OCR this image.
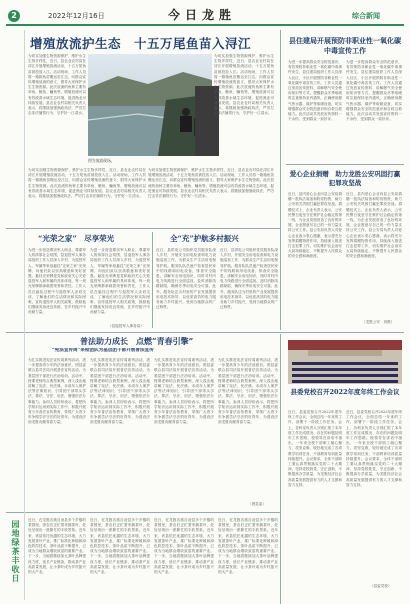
2	2022年12月16日	今日龙胜	综合新闻
增殖放流护生态　十五万尾鱼苗入浔江
为切实加强生物资源保护，维护水生生物多样性，近日，县农业农村局在浔江开展增殖放流活动，十五万尾鱼苗被投放入江。活动现场，工作人员将一箱箱鱼苗搬运至江边，向群众宣传增殖放流的意义，倡导大家保护水生生物资源。此次放流的鱼种主要有草鱼、鲢鱼、鳙鱼等，增殖放流可以有效改善水域生态环境，促进渔业可持续发展。县农业农村局相关负责人表示，将继续加强渔政执法，严厉打击非法捕捞行为，守护好一江清水。
图为放流现场。
为切实加强生物资源保护，维护水生生物多样性，近日，县农业农村局在浔江开展增殖放流活动，十五万尾鱼苗被投放入江。活动现场，工作人员将一箱箱鱼苗搬运至江边，向群众宣传增殖放流的意义，倡导大家保护水生生物资源。此次放流的鱼种主要有草鱼、鲢鱼、鳙鱼等，增殖放流可以有效改善水域生态环境，促进渔业可持续发展。县农业农村局相关负责人表示，将继续加强渔政执法，严厉打击非法捕捞行为，守护好一江清水。
为切实加强生物资源保护，维护水生生物多样性，近日，县农业农村局在浔江开展增殖放流活动，十五万尾鱼苗被投放入江。活动现场，工作人员将一箱箱鱼苗搬运至江边，向群众宣传增殖放流的意义，倡导大家保护水生生物资源。此次放流的鱼种主要有草鱼、鲢鱼、鳙鱼等，增殖放流可以有效改善水域生态环境，促进渔业可持续发展。县农业农村局相关负责人表示，将继续加强渔政执法，严厉打击非法捕捞行为，守护好一江清水。
为切实加强生物资源保护，维护水生生物多样性，近日，县农业农村局在浔江开展增殖放流活动，十五万尾鱼苗被投放入江。活动现场，工作人员将一箱箱鱼苗搬运至江边，向群众宣传增殖放流的意义，倡导大家保护水生生物资源。此次放流的鱼种主要有草鱼、鲢鱼、鳙鱼等，增殖放流可以有效改善水域生态环境，促进渔业可持续发展。县农业农村局相关负责人表示，将继续加强渔政执法，严厉打击非法捕捞行为，守护好一江清水。
县住建局开展预防非职业性一氧化碳中毒宣传工作
为进一步提高群众安全防范意识，有效预防非职业性一氧化碳中毒事件发生，县住建局组织工作人员深入社区、小区开展预防非职业性一氧化碳中毒宣传工作。工作人员通过发放宣传资料、讲解燃气安全使用知识等方式，提醒群众冬季取暖时注意保持室内通风，正确使用燃气热水器、煤炉等取暖设备，切实增强群众安全防范意识和自救互救能力。此次活动共发放宣传资料一千余份，受到群众一致好评。
为进一步提高群众安全防范意识，有效预防非职业性一氧化碳中毒事件发生，县住建局组织工作人员深入社区、小区开展预防非职业性一氧化碳中毒宣传工作。工作人员通过发放宣传资料、讲解燃气安全使用知识等方式，提醒群众冬季取暖时注意保持室内通风，正确使用燃气热水器、煤炉等取暖设备，切实增强群众安全防范意识和自救互救能力。此次活动共发放宣传资料一千余份，受到群众一致好评。
爱心企业捐赠　助力龙胜公安巩固打赢犯罪攻坚战
近日，县内爱心企业向县公安局捐赠一批执法装备和防疫物资，助力公安机关巩固打赢犯罪攻坚战。捐赠仪式上，企业负责人表示，公安民警日夜坚守在维护社会稳定的第一线，为企业发展营造了良好的环境，企业愿意尽自己的一份力量支持公安工作。县公安局负责人对爱心企业表示衷心感谢，表示将充分发挥捐赠物资作用，持续深入推进打击犯罪工作，切实维护社会治安大局持续稳定，不断提升人民群众的安全感和满意度。
近日，县内爱心企业向县公安局捐赠一批执法装备和防疫物资，助力公安机关巩固打赢犯罪攻坚战。捐赠仪式上，企业负责人表示，公安民警日夜坚守在维护社会稳定的第一线，为企业发展营造了良好的环境，企业愿意尽自己的一份力量支持公安工作。县公安局负责人对爱心企业表示衷心感谢，表示将充分发挥捐赠物资作用，持续深入推进打击犯罪工作，切实维护社会治安大局持续稳定，不断提升人民群众的安全感和满意度。
（龙胜公安　刘维）
“光荣之家”　尽享荣光
为进一步营造尊崇军人职业、尊重军人的浓厚社会氛围，县退役军人事务局组织工作人员深入乡村，为退役军人、军属等家庭悬挂“光荣之家”光荣牌，向他们致以崇高敬意和美好祝愿。悬挂光荣牌是党和政府关心关爱退役军人和军属的具体体现，每一块光荣牌都承载着荣誉和责任。工作人员在悬挂过程中与退役军人亲切交谈，了解他们的生活情况和实际困难，宣传退役军人相关政策，鼓励他们继续发扬优良传统，在乡村振兴中贡献力量。
为进一步营造尊崇军人职业、尊重军人的浓厚社会氛围，县退役军人事务局组织工作人员深入乡村，为退役军人、军属等家庭悬挂“光荣之家”光荣牌，向他们致以崇高敬意和美好祝愿。悬挂光荣牌是党和政府关心关爱退役军人和军属的具体体现，每一块光荣牌都承载着荣誉和责任。工作人员在悬挂过程中与退役军人亲切交谈，了解他们的生活情况和实际困难，宣传退役军人相关政策，鼓励他们继续发扬优良传统，在乡村振兴中贡献力量。
（县退役军人事务局）
全“充”护航多村振兴
近日，县供电公司组织党员服务队深入乡村，开展安全用电检查和电力设施巡视工作，为群众生产生活用电保驾护航。服务队队员逐户检查居民家中的线路和用电设备，排查安全隐患，讲解安全用电知识，同时对村内电力线路进行全面巡视，及时消除线路缺陷，确保冬季用电安全可靠。此外，服务队还为村里的产业发展提供用电技术指导，以优质高效的电力服务助力乡村振兴，受到当地群众的广泛称赞。
近日，县供电公司组织党员服务队深入乡村，开展安全用电检查和电力设施巡视工作，为群众生产生活用电保驾护航。服务队队员逐户检查居民家中的线路和用电设备，排查安全隐患，讲解安全用电知识，同时对村内电力线路进行全面巡视，及时消除线路缺陷，确保冬季用电安全可靠。此外，服务队还为村里的产业发展提供用电技术指导，以优质高效的电力服务助力乡村振兴，受到当地群众的广泛称赞。
普法助力成长　点燃“青春引擎”
“宪法宣传周”来检团队为基层团干部开展普法宣传
为扎实推进宪法宣传周系列活动，进一步提高青少年的法治意识，团县委联合县司法局开展普法宣传活动，为基层团干部进行法治培训。活动中，授课老师结合典型案例，深入浅出地讲解了宪法、民法典、未成年人保护法等法律知识，引导团干部带头学法、尊法、守法、用法，增强依法办事能力。参训人员纷纷表示，将把所学知识运用到实际工作中，积极开展青少年普法宣传教育，带领广大青少年争做学法守法的好青年，为建设法治龙胜贡献青春力量。
为扎实推进宪法宣传周系列活动，进一步提高青少年的法治意识，团县委联合县司法局开展普法宣传活动，为基层团干部进行法治培训。活动中，授课老师结合典型案例，深入浅出地讲解了宪法、民法典、未成年人保护法等法律知识，引导团干部带头学法、尊法、守法、用法，增强依法办事能力。参训人员纷纷表示，将把所学知识运用到实际工作中，积极开展青少年普法宣传教育，带领广大青少年争做学法守法的好青年，为建设法治龙胜贡献青春力量。
为扎实推进宪法宣传周系列活动，进一步提高青少年的法治意识，团县委联合县司法局开展普法宣传活动，为基层团干部进行法治培训。活动中，授课老师结合典型案例，深入浅出地讲解了宪法、民法典、未成年人保护法等法律知识，引导团干部带头学法、尊法、守法、用法，增强依法办事能力。参训人员纷纷表示，将把所学知识运用到实际工作中，积极开展青少年普法宣传教育，带领广大青少年争做学法守法的好青年，为建设法治龙胜贡献青春力量。
为扎实推进宪法宣传周系列活动，进一步提高青少年的法治意识，团县委联合县司法局开展普法宣传活动，为基层团干部进行法治培训。活动中，授课老师结合典型案例，深入浅出地讲解了宪法、民法典、未成年人保护法等法律知识，引导团干部带头学法、尊法、守法、用法，增强依法办事能力。参训人员纷纷表示，将把所学知识运用到实际工作中，积极开展青少年普法宣传教育，带领广大青少年争做学法守法的好青年，为建设法治龙胜贡献青春力量。
（团县委）
县委党校召开2022年度年终工作会议
近日，县委党校召开2022年度年终工作会议，全面总结一年来的工作，部署下一阶段工作任务。会上，各科室负责人分别汇报了本年度工作完成情况、存在的问题及明年工作思路。校领导在讲话中指出，一年来全校干部职工凝心聚力、攻坚克难，较好地完成了各项教学培训任务，干部教育培训质量持续提升。会议要求，全体干部职工要认真贯彻落实党的二十大精神，坚持党校姓党，守正创新，不断提高办学质量，为龙胜经济社会高质量发展提供有力的人才支撑和智力支持。
近日，县委党校召开2022年度年终工作会议，全面总结一年来的工作，部署下一阶段工作任务。会上，各科室负责人分别汇报了本年度工作完成情况、存在的问题及明年工作思路。校领导在讲话中指出，一年来全校干部职工凝心聚力、攻坚克难，较好地完成了各项教学培训任务，干部教育培训质量持续提升。会议要求，全体干部职工要认真贯彻落实党的二十大精神，坚持党校姓党，守正创新，不断提高办学质量，为龙胜经济社会高质量发展提供有力的人才支撑和智力支持。
（县委党校）
园地绿茶丰收日 近日，在龙胜各族自治县多个乡镇的茶园里，茶农们正忙着采摘茶叶，处处呈现出一派繁忙的丰收景象。近年来，该县依托优越的生态环境，大力发展茶叶产业，推广标准化种植和绿色防控技术，茶叶品质不断提升，已成为当地群众增收致富的重要产业。下一步，当地将继续加大茶叶品牌建设力度，延长产业链条，推动茶产业高质量发展，让小茶叶成为乡村振兴的大产业。
近日，在龙胜各族自治县多个乡镇的茶园里，茶农们正忙着采摘茶叶，处处呈现出一派繁忙的丰收景象。近年来，该县依托优越的生态环境，大力发展茶叶产业，推广标准化种植和绿色防控技术，茶叶品质不断提升，已成为当地群众增收致富的重要产业。下一步，当地将继续加大茶叶品牌建设力度，延长产业链条，推动茶产业高质量发展，让小茶叶成为乡村振兴的大产业。
近日，在龙胜各族自治县多个乡镇的茶园里，茶农们正忙着采摘茶叶，处处呈现出一派繁忙的丰收景象。近年来，该县依托优越的生态环境，大力发展茶叶产业，推广标准化种植和绿色防控技术，茶叶品质不断提升，已成为当地群众增收致富的重要产业。下一步，当地将继续加大茶叶品牌建设力度，延长产业链条，推动茶产业高质量发展，让小茶叶成为乡村振兴的大产业。
近日，在龙胜各族自治县多个乡镇的茶园里，茶农们正忙着采摘茶叶，处处呈现出一派繁忙的丰收景象。近年来，该县依托优越的生态环境，大力发展茶叶产业，推广标准化种植和绿色防控技术，茶叶品质不断提升，已成为当地群众增收致富的重要产业。下一步，当地将继续加大茶叶品牌建设力度，延长产业链条，推动茶产业高质量发展，让小茶叶成为乡村振兴的大产业。
